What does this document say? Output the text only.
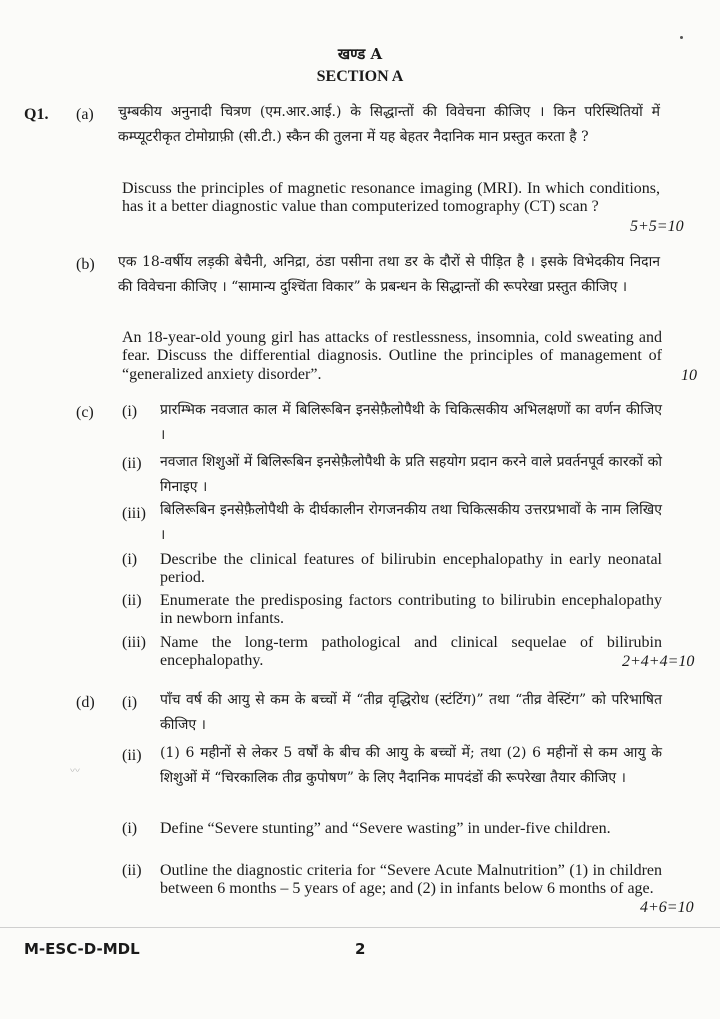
खण्ड A
SECTION A
Q1. (a) चुम्बकीय अनुनादी चित्रण (एम.आर.आई.) के सिद्धान्तों की विवेचना कीजिए । किन परिस्थितियों में कम्प्यूटरीकृत टोमोग्राफ़ी (सी.टी.) स्कैन की तुलना में यह बेहतर नैदानिक मान प्रस्तुत करता है ?
Discuss the principles of magnetic resonance imaging (MRI). In which conditions, has it a better diagnostic value than computerized tomography (CT) scan ?
5+5=10
(b) एक 18-वर्षीय लड़की बेचैनी, अनिद्रा, ठंडा पसीना तथा डर के दौरों से पीड़ित है । इसके विभेदकीय निदान की विवेचना कीजिए । “सामान्य दुश्चिंता विकार” के प्रबन्धन के सिद्धान्तों की रूपरेखा प्रस्तुत कीजिए ।
An 18-year-old young girl has attacks of restlessness, insomnia, cold sweating and fear. Discuss the differential diagnosis. Outline the principles of management of “generalized anxiety disorder”.	10
(c) (i) प्रारम्भिक नवजात काल में बिलिरूबिन इनसेफ़ैलोपैथी के चिकित्सकीय अभिलक्षणों का वर्णन कीजिए ।
(ii) नवजात शिशुओं में बिलिरूबिन इनसेफ़ैलोपैथी के प्रति सहयोग प्रदान करने वाले प्रवर्तनपूर्व कारकों को गिनाइए ।
(iii) बिलिरूबिन इनसेफ़ैलोपैथी के दीर्घकालीन रोगजनकीय तथा चिकित्सकीय उत्तरप्रभावों के नाम लिखिए ।
(i) Describe the clinical features of bilirubin encephalopathy in early neonatal period.
(ii) Enumerate the predisposing factors contributing to bilirubin encephalopathy in newborn infants.
(iii) Name the long-term pathological and clinical sequelae of bilirubin encephalopathy.	2+4+4=10
(d) (i) पाँच वर्ष की आयु से कम के बच्चों में “तीव्र वृद्धिरोध (स्टंटिंग)” तथा “तीव्र वेस्टिंग” को परिभाषित कीजिए ।
〰
(ii) (1) 6 महीनों से लेकर 5 वर्षों के बीच की आयु के बच्चों में; तथा (2) 6 महीनों से कम आयु के शिशुओं में “चिरकालिक तीव्र कुपोषण” के लिए नैदानिक मापदंडों की रूपरेखा तैयार कीजिए ।
(i) Define “Severe stunting” and “Severe wasting” in under-five children.
(ii) Outline the diagnostic criteria for “Severe Acute Malnutrition” (1) in children between 6 months – 5 years of age; and (2) in infants below 6 months of age.
4+6=10
M-ESC-D-MDL	2
